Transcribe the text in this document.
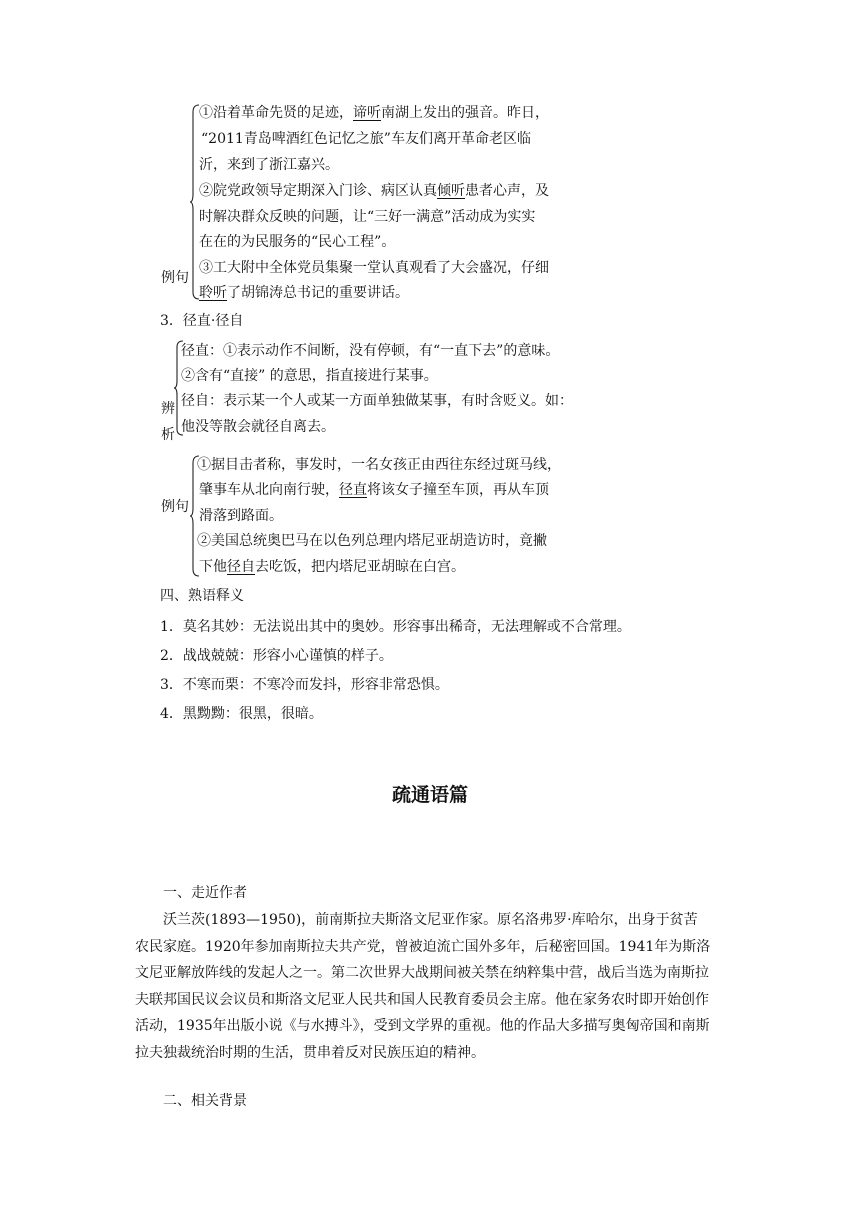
例句
①沿着革命先贤的足迹，谛听南湖上发出的强音。昨日，
“2011青岛啤酒红色记忆之旅”车友们离开革命老区临
沂，来到了浙江嘉兴。
②院党政领导定期深入门诊、病区认真倾听患者心声，及
时解决群众反映的问题，让“三好一满意”活动成为实实
在在的为民服务的“民心工程”。
③工大附中全体党员集聚一堂认真观看了大会盛况，仔细
聆听了胡锦涛总书记的重要讲话。
3．径直·径自
辨
析
径直：①表示动作不间断，没有停顿，有“一直下去”的意味。
②含有“直接” 的意思，指直接进行某事。
径自：表示某一个人或某一方面单独做某事，有时含贬义。如：
他没等散会就径自离去。
例句
①据目击者称，事发时，一名女孩正由西往东经过斑马线，
肇事车从北向南行驶，径直将该女子撞至车顶，再从车顶
滑落到路面。
②美国总统奥巴马在以色列总理内塔尼亚胡造访时，竟撇
下他径自去吃饭，把内塔尼亚胡晾在白宫。
四、熟语释义
1．莫名其妙：无法说出其中的奥妙。形容事出稀奇，无法理解或不合常理。
2．战战兢兢：形容小心谨慎的样子。
3．不寒而栗：不寒冷而发抖，形容非常恐惧。
4．黑黝黝：很黑，很暗。
疏通语篇
一、走近作者
沃兰茨(1893—1950)，前南斯拉夫斯洛文尼亚作家。原名洛弗罗·库哈尔，出身于贫苦农民家庭。1920年参加南斯拉夫共产党，曾被迫流亡国外多年，后秘密回国。1941年为斯洛文尼亚解放阵线的发起人之一。第二次世界大战期间被关禁在纳粹集中营，战后当选为南斯拉夫联邦国民议会议员和斯洛文尼亚人民共和国人民教育委员会主席。他在家务农时即开始创作活动，1935年出版小说《与水搏斗》，受到文学界的重视。他的作品大多描写奥匈帝国和南斯拉夫独裁统治时期的生活，贯串着反对民族压迫的精神。
二、相关背景
